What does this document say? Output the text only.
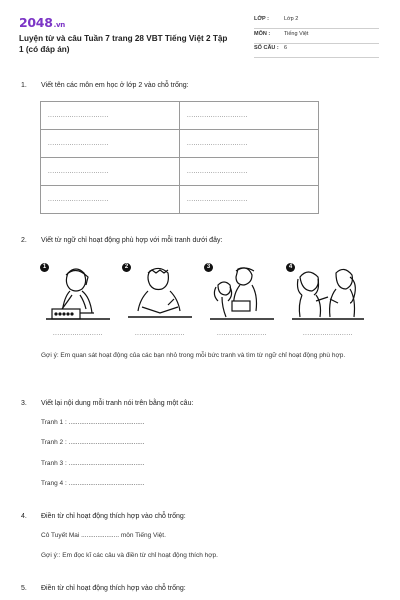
2048.vn
Luyện từ và câu Tuần 7 trang 28 VBT Tiếng Việt 2 Tập 1 (có đáp án)
LỚP :	Lớp 2
MÔN :	Tiếng Việt
SỐ CÂU : 6
1. Viết tên các môn em học ở lớp 2 vào chỗ trống:
............................	............................
............................	............................
............................	............................
............................	............................
2. Viết từ ngữ chỉ hoạt động phù hợp với mỗi tranh dưới đây:
1	2	3	4
.......................	.......................	.......................	.......................
Gợi ý: Em quan sát hoạt động của các bạn nhỏ trong mỗi bức tranh và tìm từ ngữ chỉ hoạt động phù hợp.
3. Viết lại nội dung mỗi tranh nói trên bằng một câu:
Tranh 1 : ..........................................
Tranh 2 : ..........................................
Tranh 3 : ..........................................
Trang 4 : ..........................................
4. Điền từ chỉ hoạt động thích hợp vào chỗ trống:
Cô Tuyết Mai ..................... môn Tiếng Việt.
Gợi ý:: Em đọc kĩ các câu và điền từ chỉ hoạt động thích hợp.
5. Điền từ chỉ hoạt động thích hợp vào chỗ trống:
